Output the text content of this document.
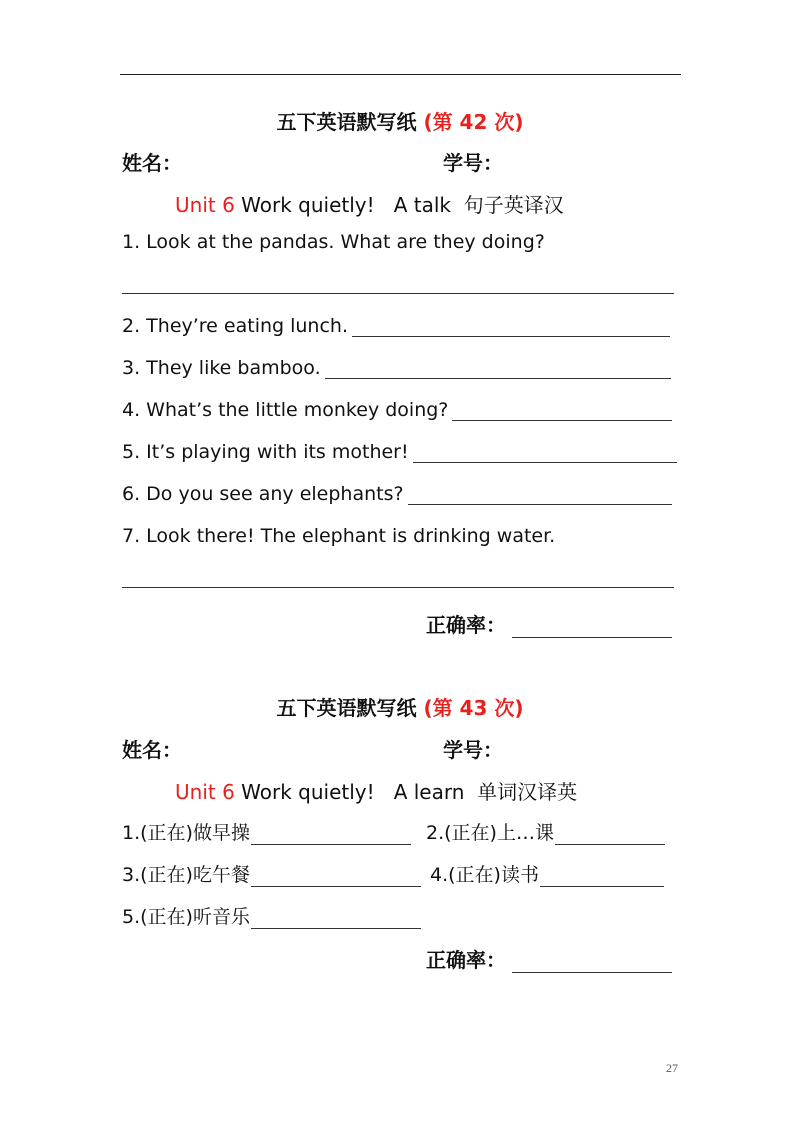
五下英语默写纸 (第 42 次)
姓名：	学号：
Unit 6 Work quietly!   A talk  句子英译汉
1. Look at the pandas. What are they doing?
2. They’re eating lunch.
3. They like bamboo.
4. What’s the little monkey doing?
5. It’s playing with its mother!
6. Do you see any elephants?
7. Look there! The elephant is drinking water.
正确率：
五下英语默写纸 (第 43 次)
姓名：	学号：
Unit 6 Work quietly!   A learn  单词汉译英
1.(正在)做早操	2.(正在)上…课
3.(正在)吃午餐	4.(正在)读书
5.(正在)听音乐
正确率：
27
